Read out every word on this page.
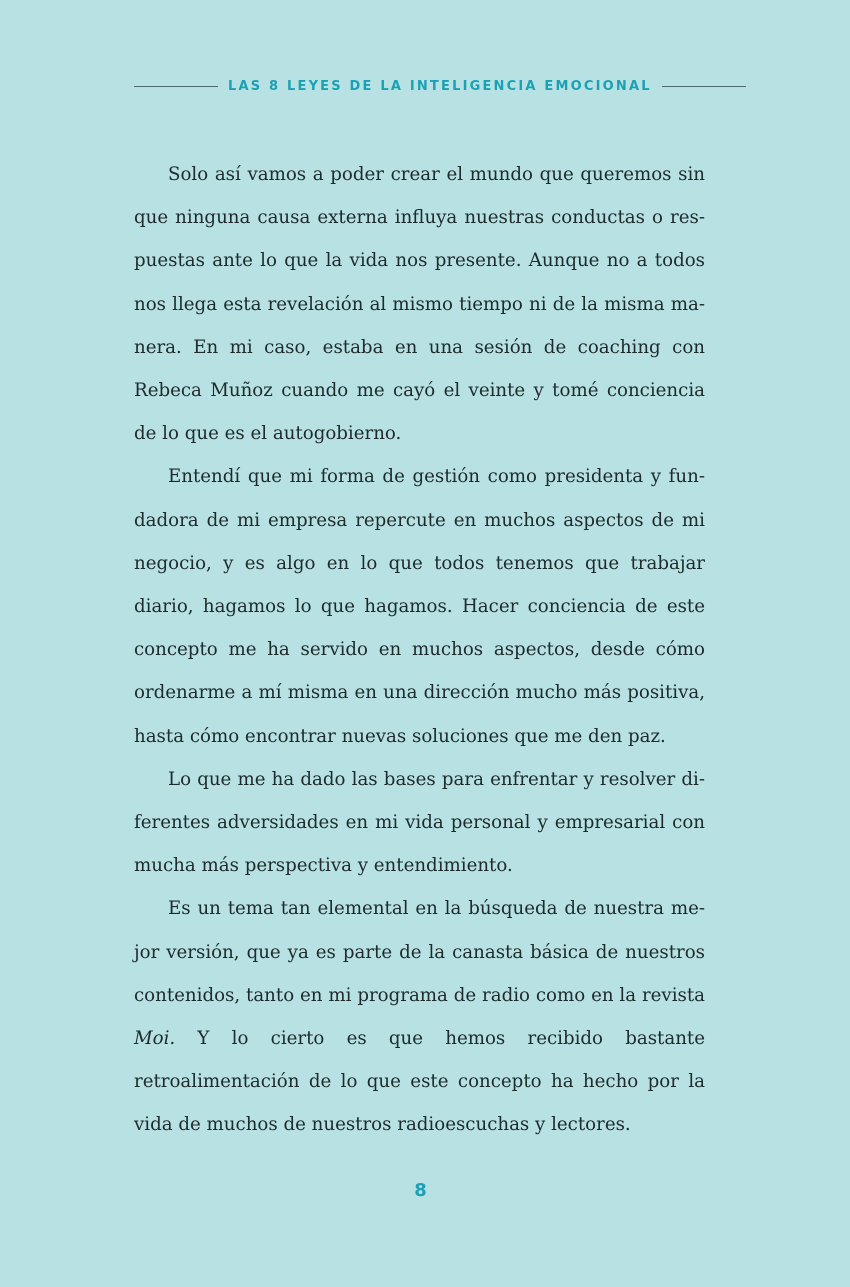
LAS 8 LEYES DE LA INTELIGENCIA EMOCIONAL

Solo así vamos a poder crear el mundo que queremos sin que ninguna causa externa influya nuestras conductas o respuestas ante lo que la vida nos presente. Aunque no a todos nos llega esta revelación al mismo tiempo ni de la misma manera. En mi caso, estaba en una sesión de coaching con Rebeca Muñoz cuando me cayó el veinte y tomé conciencia de lo que es el autogobierno.

Entendí que mi forma de gestión como presidenta y fundadora de mi empresa repercute en muchos aspectos de mi negocio, y es algo en lo que todos tenemos que trabajar diario, hagamos lo que hagamos. Hacer conciencia de este concepto me ha servido en muchos aspectos, desde cómo ordenarme a mí misma en una dirección mucho más positiva, hasta cómo encontrar nuevas soluciones que me den paz.

Lo que me ha dado las bases para enfrentar y resolver diferentes adversidades en mi vida personal y empresarial con mucha más perspectiva y entendimiento.

Es un tema tan elemental en la búsqueda de nuestra mejor versión, que ya es parte de la canasta básica de nuestros contenidos, tanto en mi programa de radio como en la revista Moi. Y lo cierto es que hemos recibido bastante retroalimentación de lo que este concepto ha hecho por la vida de muchos de nuestros radioescuchas y lectores.

8
